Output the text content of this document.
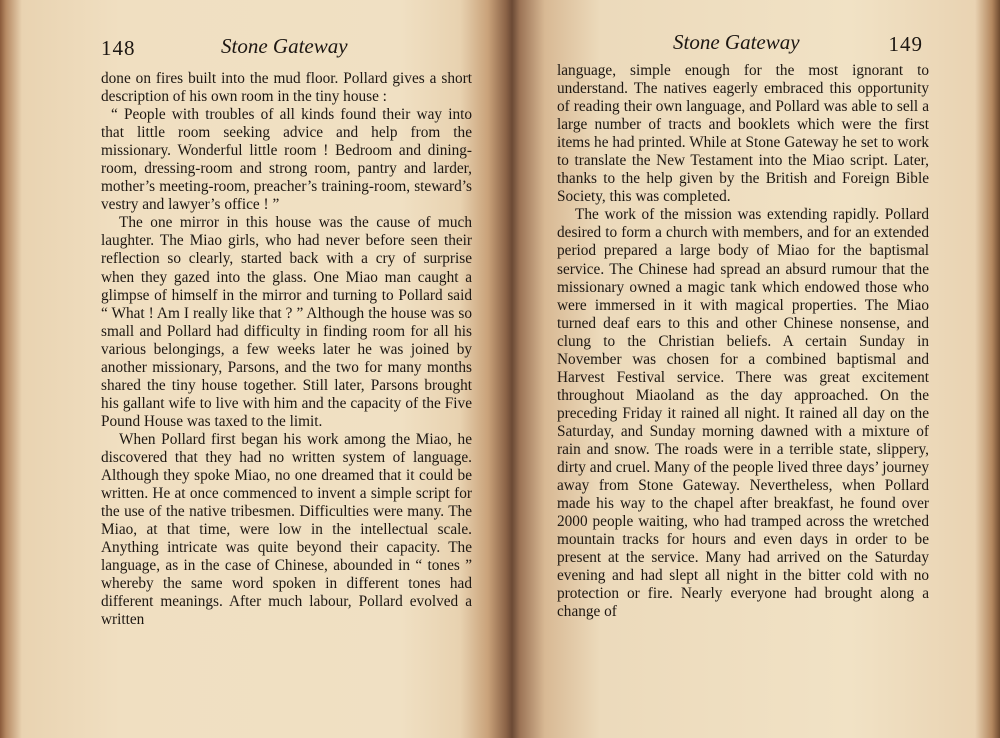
148	Stone Gateway

done on fires built into the mud floor. Pollard gives a short description of his own room in the tiny house :

“ People with troubles of all kinds found their way into that little room seeking advice and help from the missionary. Wonderful little room ! Bedroom and dining-room, dressing-room and strong room, pantry and larder, mother’s meeting-room, preacher’s training-room, steward’s vestry and lawyer’s office ! ”

The one mirror in this house was the cause of much laughter. The Miao girls, who had never before seen their reflection so clearly, started back with a cry of surprise when they gazed into the glass. One Miao man caught a glimpse of himself in the mirror and turning to Pollard said “ What ! Am I really like that ? ” Although the house was so small and Pollard had difficulty in finding room for all his various belongings, a few weeks later he was joined by another missionary, Parsons, and the two for many months shared the tiny house together. Still later, Parsons brought his gallant wife to live with him and the capacity of the Five Pound House was taxed to the limit.

When Pollard first began his work among the Miao, he discovered that they had no written system of language. Although they spoke Miao, no one dreamed that it could be written. He at once commenced to invent a simple script for the use of the native tribesmen. Difficulties were many. The Miao, at that time, were low in the intellectual scale. Anything intricate was quite beyond their capacity. The language, as in the case of Chinese, abounded in “ tones ” whereby the same word spoken in different tones had different meanings. After much labour, Pollard evolved a written

Stone Gateway	149

language, simple enough for the most ignorant to understand. The natives eagerly embraced this opportunity of reading their own language, and Pollard was able to sell a large number of tracts and booklets which were the first items he had printed. While at Stone Gateway he set to work to translate the New Testament into the Miao script. Later, thanks to the help given by the British and Foreign Bible Society, this was completed.

The work of the mission was extending rapidly. Pollard desired to form a church with members, and for an extended period prepared a large body of Miao for the baptismal service. The Chinese had spread an absurd rumour that the missionary owned a magic tank which endowed those who were immersed in it with magical properties. The Miao turned deaf ears to this and other Chinese nonsense, and clung to the Christian beliefs. A certain Sunday in November was chosen for a combined baptismal and Harvest Festival service. There was great excitement throughout Miaoland as the day approached. On the preceding Friday it rained all night. It rained all day on the Saturday, and Sunday morning dawned with a mixture of rain and snow. The roads were in a terrible state, slippery, dirty and cruel. Many of the people lived three days’ journey away from Stone Gateway. Nevertheless, when Pollard made his way to the chapel after breakfast, he found over 2000 people waiting, who had tramped across the wretched mountain tracks for hours and even days in order to be present at the service. Many had arrived on the Saturday evening and had slept all night in the bitter cold with no protection or fire. Nearly everyone had brought along a change of
